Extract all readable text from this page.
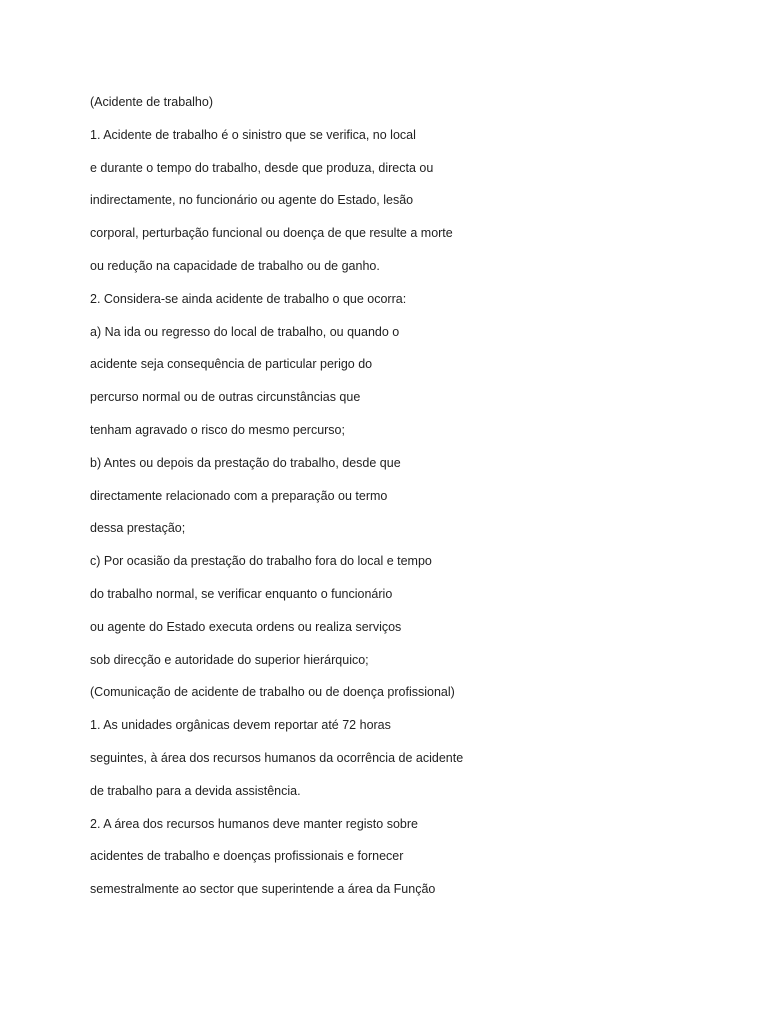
(Acidente de trabalho)
1. Acidente de trabalho é o sinistro que se verifica, no local
e durante o tempo do trabalho, desde que produza, directa ou
indirectamente, no funcionário ou agente do Estado, lesão
corporal, perturbação funcional ou doença de que resulte a morte
ou redução na capacidade de trabalho ou de ganho.
2. Considera-se ainda acidente de trabalho o que ocorra:
a) Na ida ou regresso do local de trabalho, ou quando o
acidente seja consequência de particular perigo do
percurso normal ou de outras circunstâncias que
tenham agravado o risco do mesmo percurso;
b) Antes ou depois da prestação do trabalho, desde que
directamente relacionado com a preparação ou termo
dessa prestação;
c) Por ocasião da prestação do trabalho fora do local e tempo
do trabalho normal, se verificar enquanto o funcionário
ou agente do Estado executa ordens ou realiza serviços
sob direcção e autoridade do superior hierárquico;
(Comunicação de acidente de trabalho ou de doença profissional)
1. As unidades orgânicas devem reportar até 72 horas
seguintes, à área dos recursos humanos da ocorrência de acidente
de trabalho para a devida assistência.
2. A área dos recursos humanos deve manter registo sobre
acidentes de trabalho e doenças profissionais e fornecer
semestralmente ao sector que superintende a área da Função
